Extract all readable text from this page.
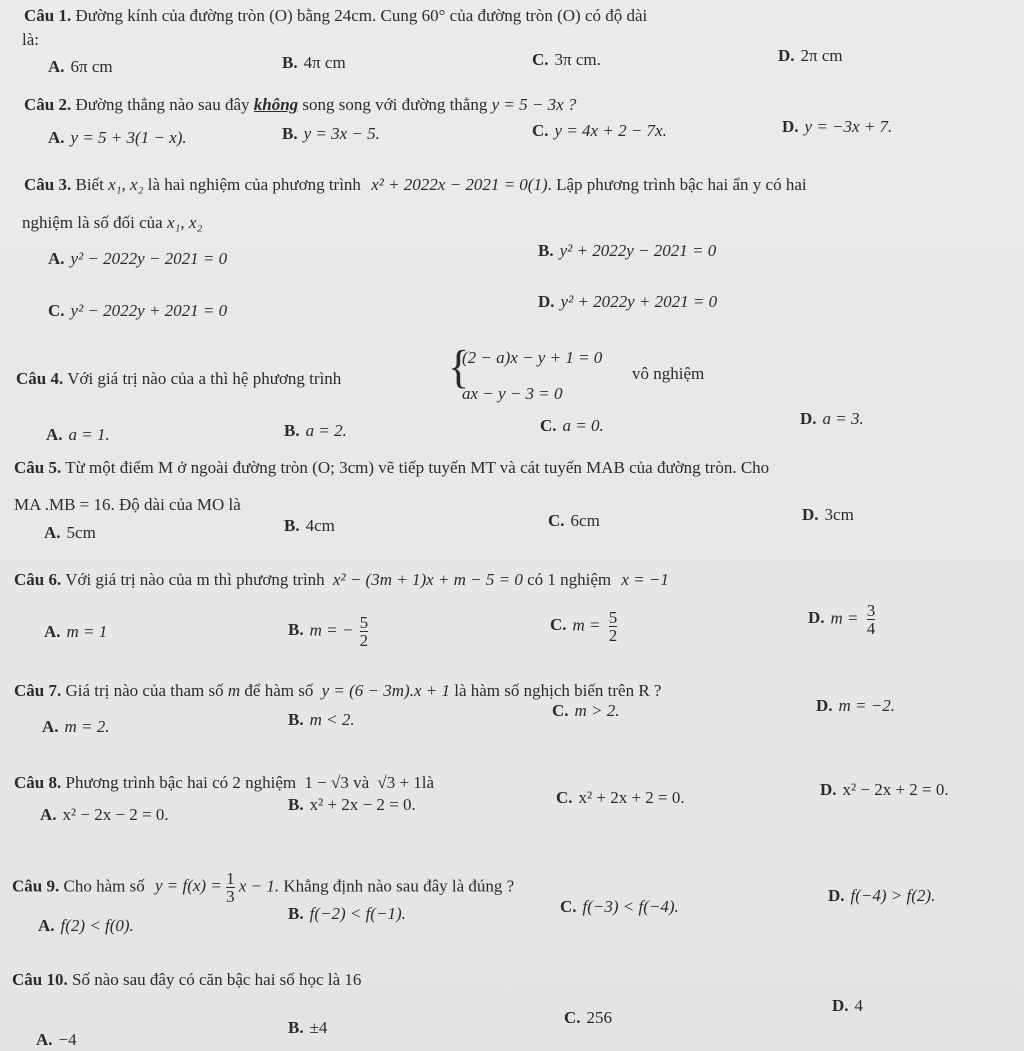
Câu 1. Đường kính của đường tròn (O) bằng 24cm. Cung 60° của đường tròn (O) có độ dài
là:
A. 6π cm	B. 4π cm	C. 3π cm.	D. 2π cm
Câu 2. Đường thẳng nào sau đây không song song với đường thẳng y = 5 − 3x ?
A. y = 5 + 3(1 − x).	B. y = 3x − 5.	C. y = 4x + 2 − 7x.	D. y = −3x + 7.
Câu 3. Biết x₁, x₂ là hai nghiệm của phương trình x² + 2022x − 2021 = 0(1). Lập phương trình bậc hai ẩn y có hai
nghiệm là số đối của x₁, x₂
A. y² − 2022y − 2021 = 0	B. y² + 2022y − 2021 = 0
C. y² − 2022y + 2021 = 0	D. y² + 2022y + 2021 = 0
Câu 4. Với giá trị nào của a thì hệ phương trình {
(2 − a)x − y + 1 = 0
ax − y − 3 = 0
vô nghiệm
A. a = 1.	B. a = 2.	C. a = 0.	D. a = 3.
Câu 5. Từ một điểm M ở ngoài đường tròn (O; 3cm) vẽ tiếp tuyến MT và cát tuyến MAB của đường tròn. Cho
MA .MB = 16. Độ dài của MO là
A. 5cm	B. 4cm	C. 6cm	D. 3cm
Câu 6. Với giá trị nào của m thì phương trình x² − (3m + 1)x + m − 5 = 0 có 1 nghiệm x = −1
A. m = 1	B. m = − $\frac{5}{2}$	C. $m = \frac{5}{2}$	D. $m = \frac{3}{4}$
Câu 7. Giá trị nào của tham số m để hàm số y = (6 − 3m).x + 1 là hàm số nghịch biến trên R ?
A. m = 2.	B. m < 2.	C. m > 2.	D. m = −2.
Câu 8. Phương trình bậc hai có 2 nghiệm 1 − √3 và √3 + 1là
A. x² − 2x − 2 = 0.
B. x² + 2x − 2 = 0.	C. x² + 2x + 2 = 0.	D. x² − 2x + 2 = 0.
Câu 9. Cho hàm số $y = f(x) = \frac{1}{3}$ x − 1. Khẳng định nào sau đây là đúng ?
A. f(2) < f(0).
B. f(−2) < f(−1).	C. f(−3) < f(−4).
D. f(−4) > f(2).
Câu 10. Số nào sau đây có căn bậc hai số học là 16
A. −4
B. ±4
C. 256
D. 4
